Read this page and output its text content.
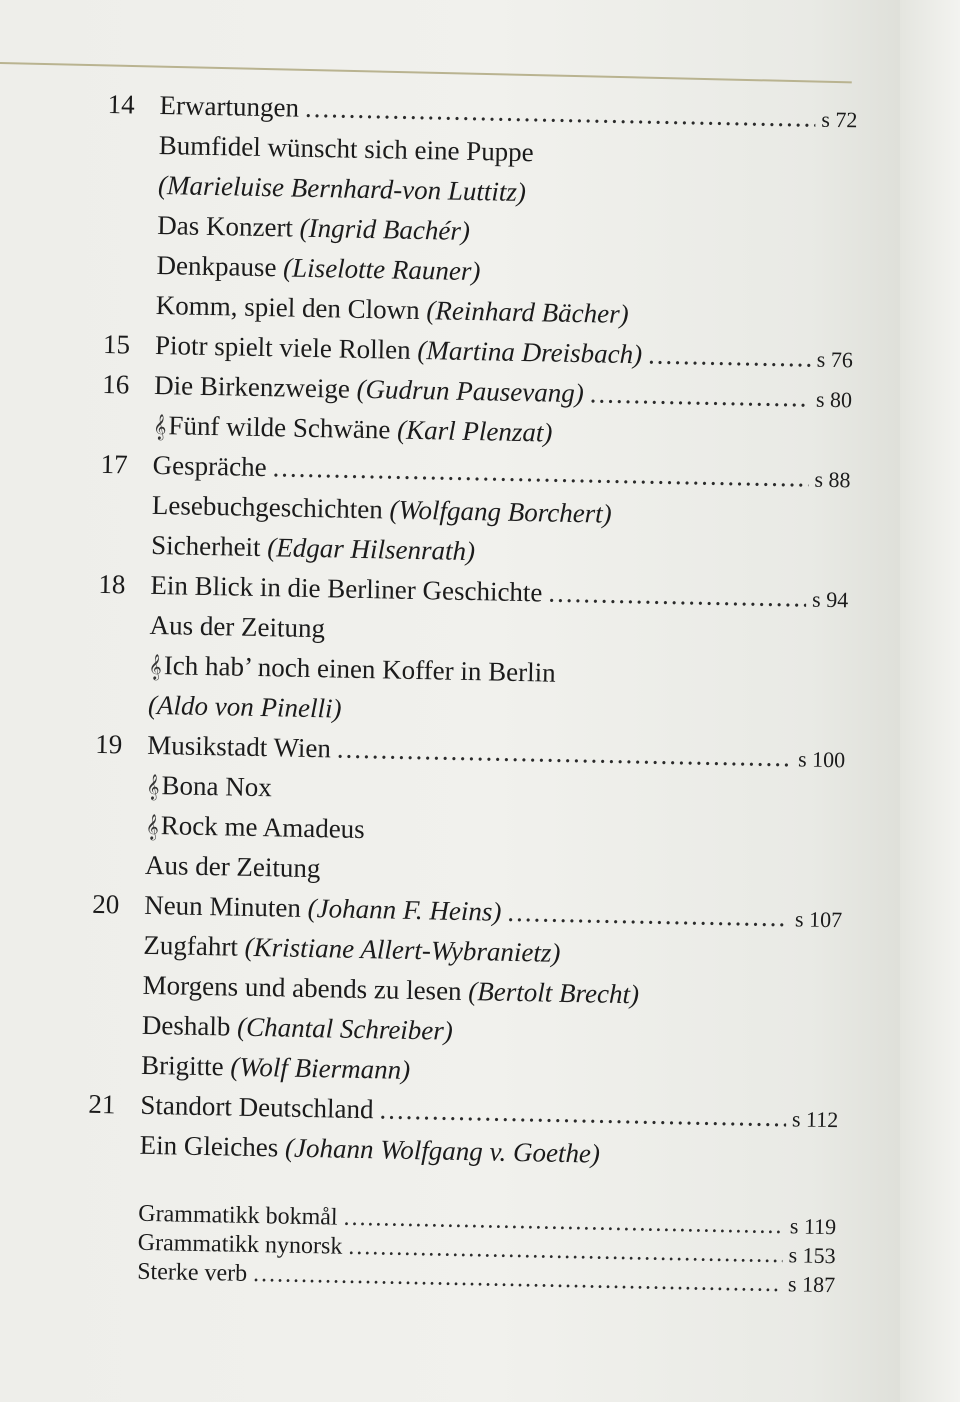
14 Erwartungen .....	s 72
Bumfidel wünscht sich eine Puppe
(Marieluise Bernhard-von Luttitz)
Das Konzert (Ingrid Bachér)
Denkpause (Liselotte Rauner)
Komm, spiel den Clown (Reinhard Bächer)
15 Piotr spielt viele Rollen (Martina Dreisbach) .....	s 76
16 Die Birkenzweige (Gudrun Pausevang) .....	s 80
𝄞Fünf wilde Schwäne (Karl Plenzat)
17 Gespräche .....	s 88
Lesebuchgeschichten (Wolfgang Borchert)
Sicherheit (Edgar Hilsenrath)
18 Ein Blick in die Berliner Geschichte .....	s 94
Aus der Zeitung
𝄞Ich hab’ noch einen Koffer in Berlin
(Aldo von Pinelli)
19 Musikstadt Wien .....	s 100
𝄞Bona Nox
𝄞Rock me Amadeus
Aus der Zeitung
20 Neun Minuten (Johann F. Heins) .....	s 107
Zugfahrt (Kristiane Allert-Wybranietz)
Morgens und abends zu lesen (Bertolt Brecht)
Deshalb (Chantal Schreiber)
Brigitte (Wolf Biermann)
21 Standort Deutschland .....	s 112
Ein Gleiches (Johann Wolfgang v. Goethe)
Grammatikk bokmål .....	s 119
Grammatikk nynorsk .....	s 153
Sterke verb .....	s 187
